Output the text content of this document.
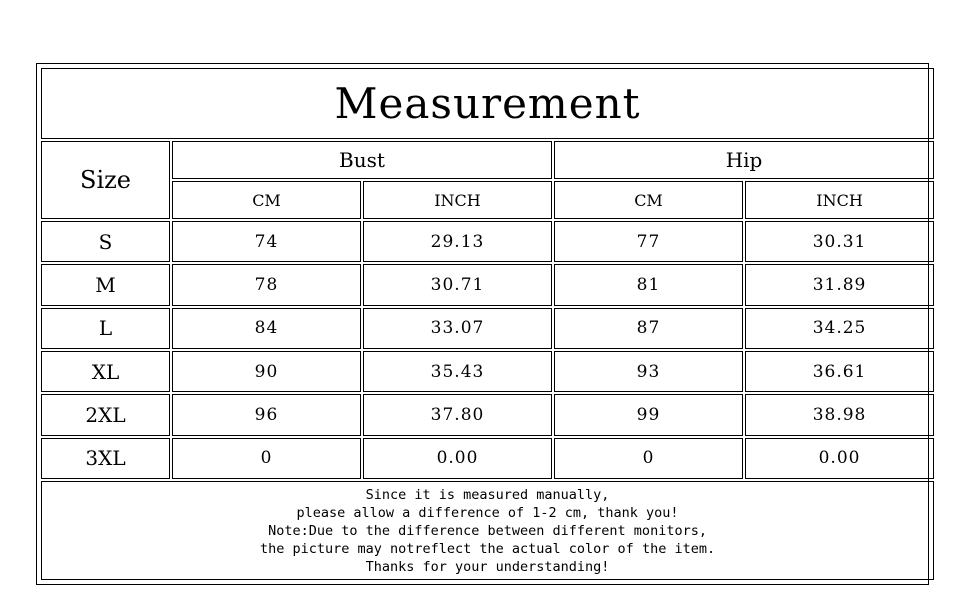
Measurement				
Size	Bust		Hip	
	CM	INCH	CM	INCH
S	74	29.13	77	30.31
M	78	30.71	81	31.89
L	84	33.07	87	34.25
XL	90	35.43	93	36.61
2XL	96	37.80	99	38.98
3XL	0	0.00	0	0.00

Since it is measured manually,
please allow a difference of 1-2 cm, thank you!
Note:Due to the difference between different monitors,
the picture may notreflect the actual color of the item.
Thanks for your understanding!				
